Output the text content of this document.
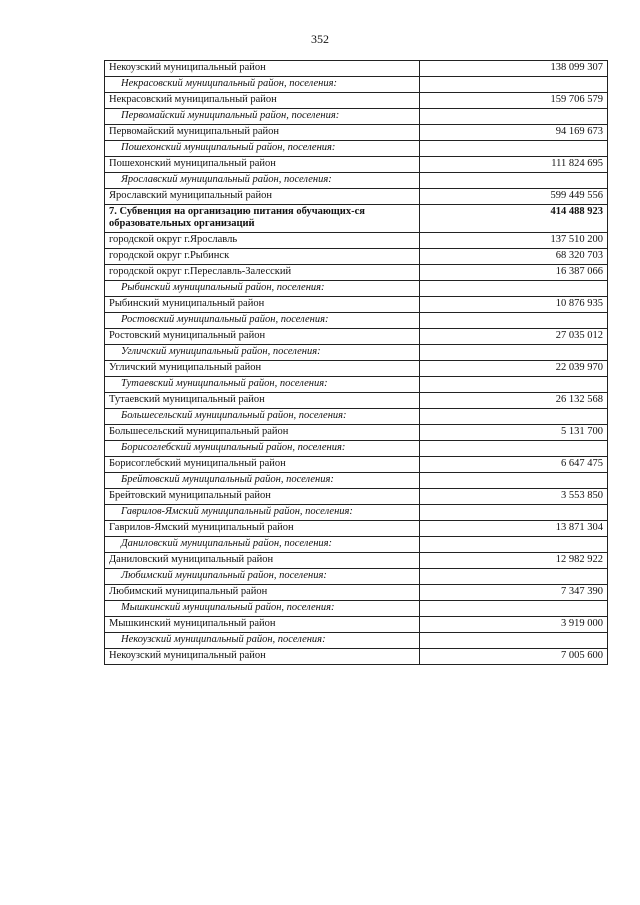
352
Некоузский муниципальный район	138 099 307
Некрасовский муниципальный район, поселения:	
Некрасовский муниципальный район	159 706 579
Первомайский муниципальный район, поселения:	
Первомайский муниципальный район	94 169 673
Пошехонский муниципальный район, поселения:	
Пошехонский муниципальный район	111 824 695
Ярославский муниципальный район, поселения:	
Ярославский муниципальный район	599 449 556
7. Субвенция на организацию питания обучающих-ся образовательных организаций	414 488 923
городской округ г.Ярославль	137 510 200
городской округ г.Рыбинск	68 320 703
городской округ г.Переславль-Залесский	16 387 066
Рыбинский муниципальный район, поселения:	
Рыбинский муниципальный район	10 876 935
Ростовский муниципальный район, поселения:	
Ростовский муниципальный район	27 035 012
Угличский муниципальный район, поселения:	
Угличский муниципальный район	22 039 970
Тутаевский муниципальный район, поселения:	
Тутаевский муниципальный район	26 132 568
Большесельский муниципальный район, поселения:	
Большесельский муниципальный район	5 131 700
Борисоглебский муниципальный район, поселения:	
Борисоглебский муниципальный район	6 647 475
Брейтовский муниципальный район, поселения:	
Брейтовский муниципальный район	3 553 850
Гаврилов-Ямский муниципальный район, поселения:	
Гаврилов-Ямский муниципальный район	13 871 304
Даниловский муниципальный район, поселения:	
Даниловский муниципальный район	12 982 922
Любимский муниципальный район, поселения:	
Любимский муниципальный район	7 347 390
Мышкинский муниципальный район, поселения:	
Мышкинский муниципальный район	3 919 000
Некоузский муниципальный район, поселения:	
Некоузский муниципальный район	7 005 600
